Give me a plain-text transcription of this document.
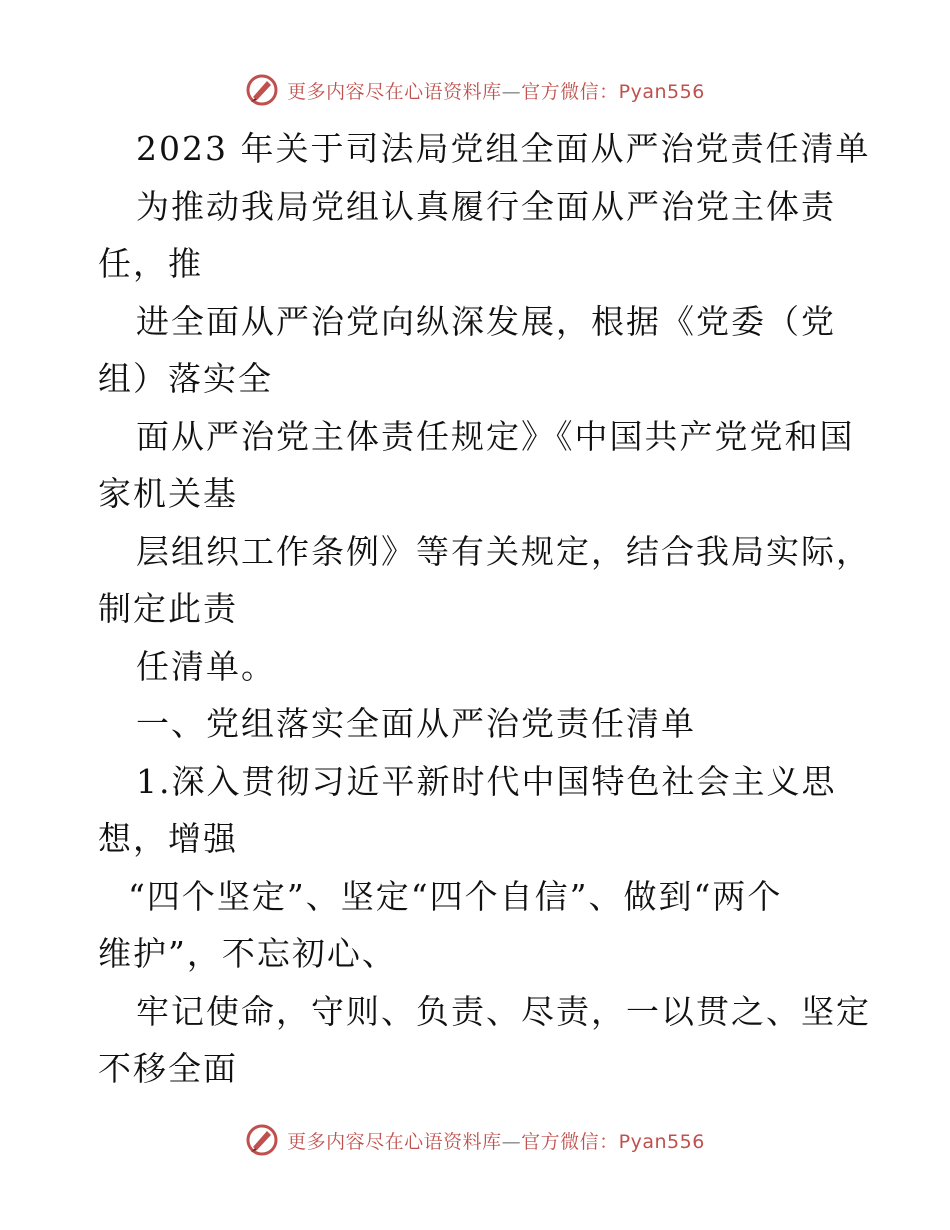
更多内容尽在心语资料库—官方微信：Pyan556
2023 年关于司法局党组全面从严治党责任清单
为推动我局党组认真履行全面从严治党主体责
任，推
进全面从严治党向纵深发展，根据《党委（党
组）落实全
面从严治党主体责任规定》《中国共产党党和国
家机关基
层组织工作条例》等有关规定，结合我局实际，
制定此责
任清单。
一、党组落实全面从严治党责任清单
1.深入贯彻习近平新时代中国特色社会主义思
想，增强
“四个坚定”、坚定“四个自信”、做到“两个
维护”，不忘初心、
牢记使命，守则、负责、尽责，一以贯之、坚定
不移全面
更多内容尽在心语资料库—官方微信：Pyan556
